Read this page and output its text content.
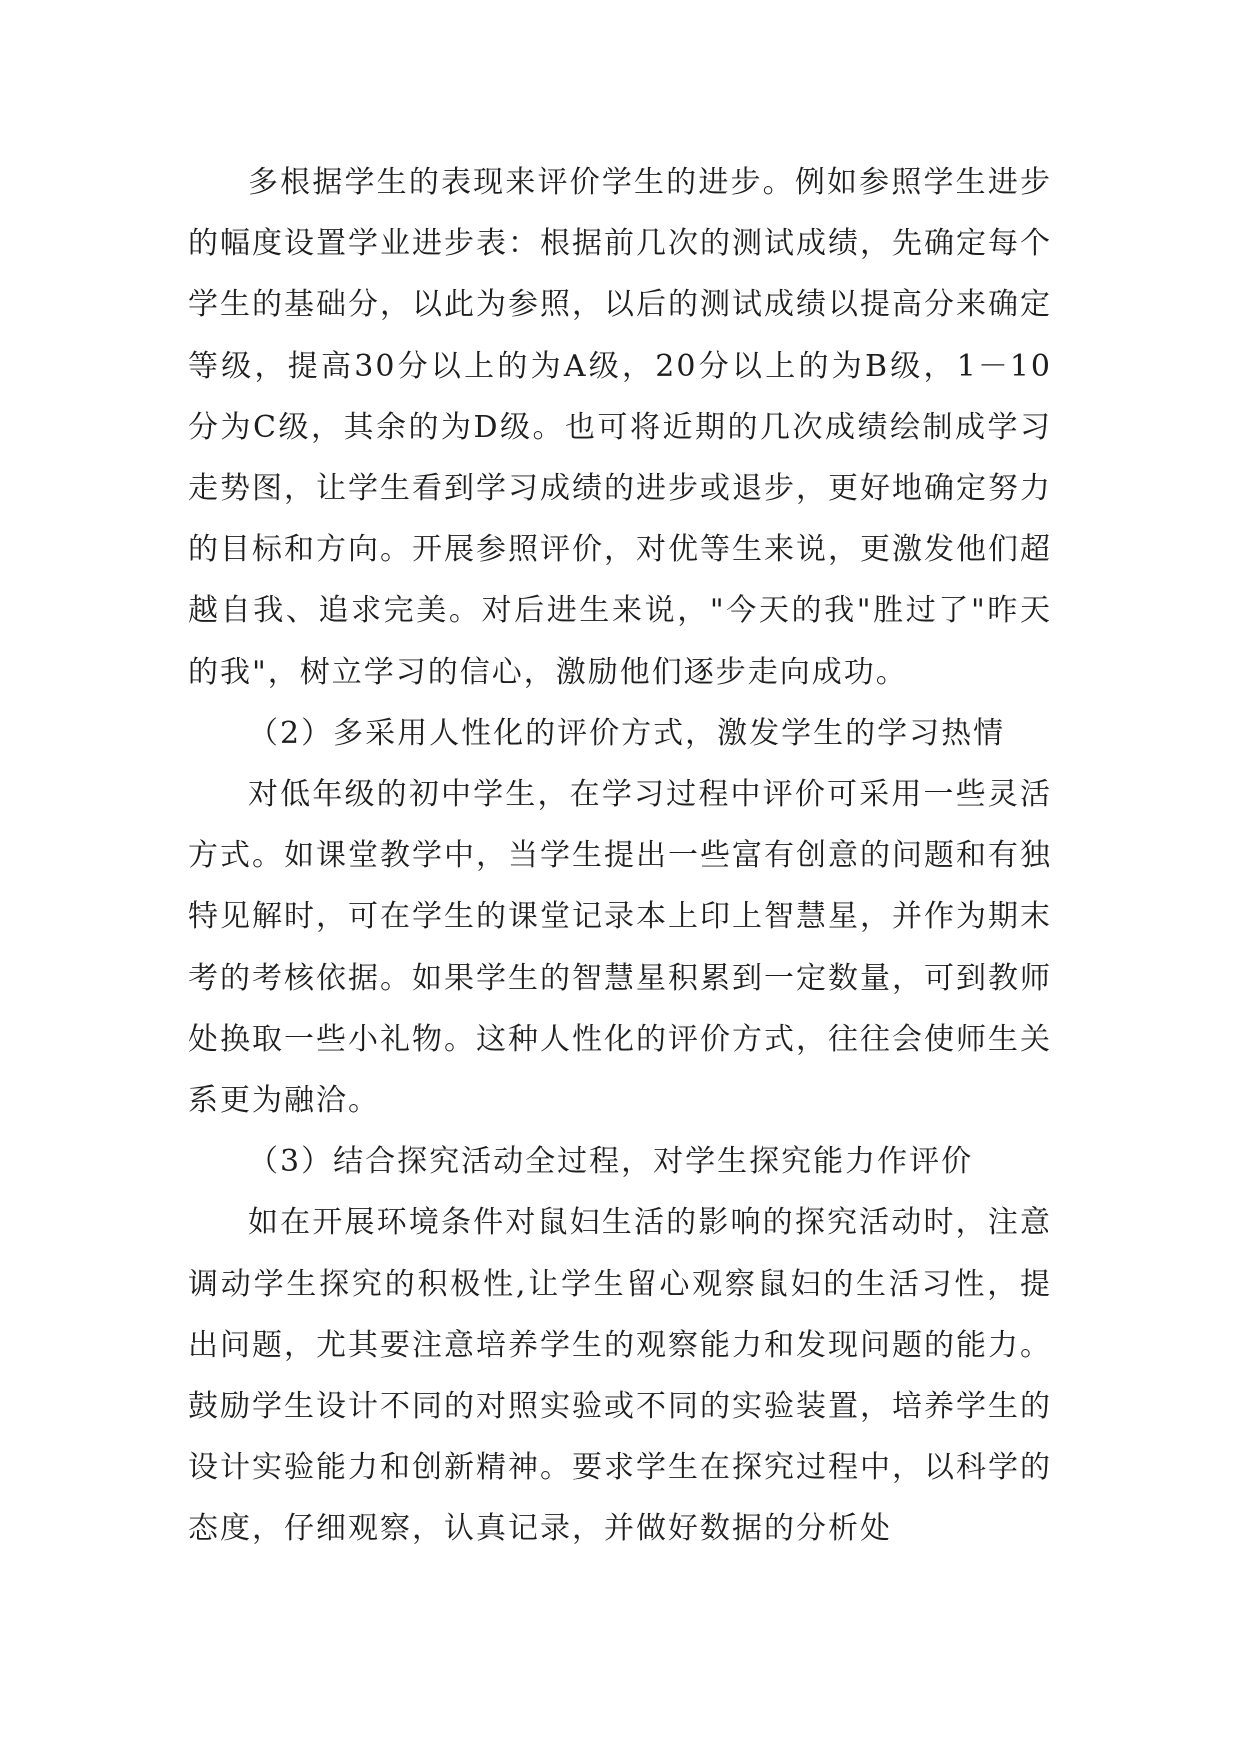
多根据学生的表现来评价学生的进步。例如参照学生进步的幅度设置学业进步表：根据前几次的测试成绩，先确定每个学生的基础分，以此为参照，以后的测试成绩以提高分来确定等级，提高30分以上的为A级，20分以上的为B级，1－10分为C级，其余的为D级。也可将近期的几次成绩绘制成学习走势图，让学生看到学习成绩的进步或退步，更好地确定努力的目标和方向。开展参照评价，对优等生来说，更激发他们超越自我、追求完美。对后进生来说，"今天的我"胜过了"昨天的我"，树立学习的信心，激励他们逐步走向成功。

（2）多采用人性化的评价方式，激发学生的学习热情

对低年级的初中学生，在学习过程中评价可采用一些灵活方式。如课堂教学中，当学生提出一些富有创意的问题和有独特见解时，可在学生的课堂记录本上印上智慧星，并作为期末考的考核依据。如果学生的智慧星积累到一定数量，可到教师处换取一些小礼物。这种人性化的评价方式，往往会使师生关系更为融洽。

（3）结合探究活动全过程，对学生探究能力作评价

如在开展环境条件对鼠妇生活的影响的探究活动时，注意调动学生探究的积极性,让学生留心观察鼠妇的生活习性，提出问题，尤其要注意培养学生的观察能力和发现问题的能力。鼓励学生设计不同的对照实验或不同的实验装置，培养学生的设计实验能力和创新精神。要求学生在探究过程中，以科学的态度，仔细观察，认真记录，并做好数据的分析处
